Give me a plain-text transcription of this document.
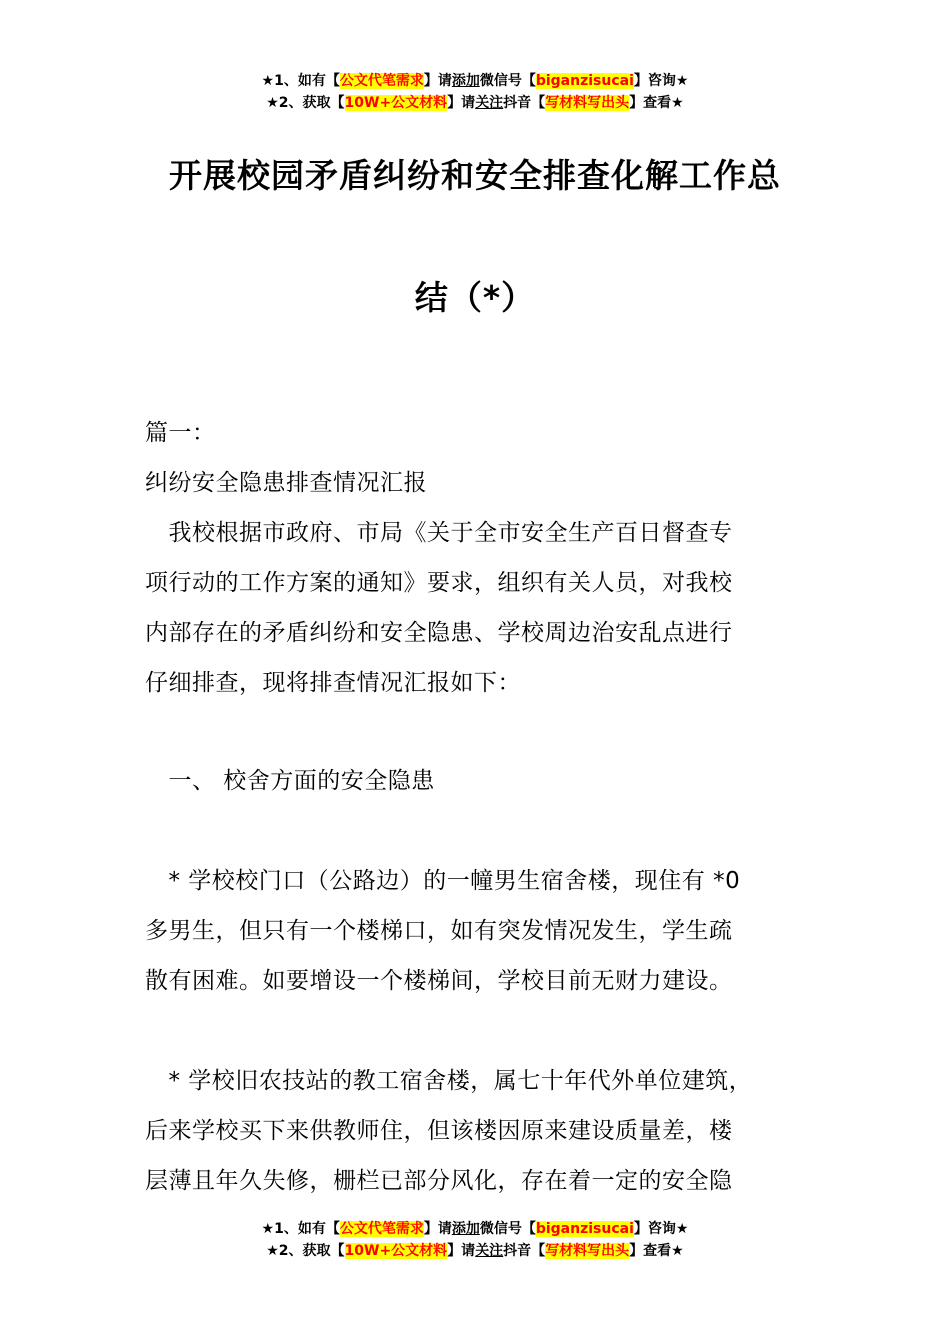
★1、如有【公文代笔需求】请添加微信号【biganzisucai】咨询★
★2、获取【10W+公文材料】请关注抖音【写材料写出头】查看★
开展校园矛盾纠纷和安全排查化解工作总
结（*）
篇一：
纠纷安全隐患排查情况汇报
　我校根据市政府、市局《关于全市安全生产百日督查专
项行动的工作方案的通知》要求，组织有关人员，对我校
内部存在的矛盾纠纷和安全隐患、学校周边治安乱点进行
仔细排查，现将排查情况汇报如下：
　一、 校舍方面的安全隐患
　* 学校校门口（公路边）的一幢男生宿舍楼，现住有 *0
多男生，但只有一个楼梯口，如有突发情况发生，学生疏
散有困难。如要增设一个楼梯间，学校目前无财力建设。
　* 学校旧农技站的教工宿舍楼，属七十年代外单位建筑，
后来学校买下来供教师住，但该楼因原来建设质量差，楼
层薄且年久失修，栅栏已部分风化，存在着一定的安全隐
★1、如有【公文代笔需求】请添加微信号【biganzisucai】咨询★
★2、获取【10W+公文材料】请关注抖音【写材料写出头】查看★
